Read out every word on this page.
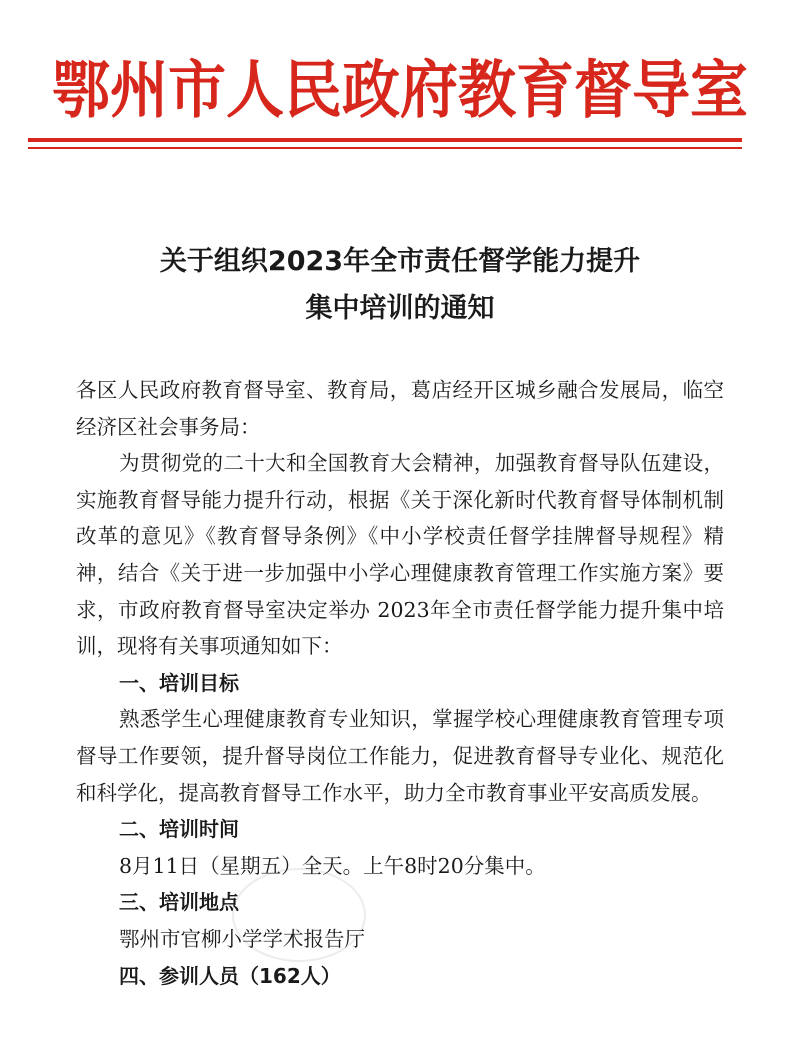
鄂州市人民政府教育督导室
关于组织2023年全市责任督学能力提升
集中培训的通知

各区人民政府教育督导室、教育局，葛店经开区城乡融合发展局，临空经济区社会事务局：

为贯彻党的二十大和全国教育大会精神，加强教育督导队伍建设，实施教育督导能力提升行动，根据《关于深化新时代教育督导体制机制改革的意见》《教育督导条例》《中小学校责任督学挂牌督导规程》精神，结合《关于进一步加强中小学心理健康教育管理工作实施方案》要求，市政府教育督导室决定举办 2023年全市责任督学能力提升集中培训，现将有关事项通知如下：

一、培训目标

熟悉学生心理健康教育专业知识，掌握学校心理健康教育管理专项督导工作要领，提升督导岗位工作能力，促进教育督导专业化、规范化和科学化，提高教育督导工作水平，助力全市教育事业平安高质发展。

二、培训时间

8月11日（星期五）全天。上午8时20分集中。

三、培训地点

鄂州市官柳小学学术报告厅

四、参训人员（162人）
